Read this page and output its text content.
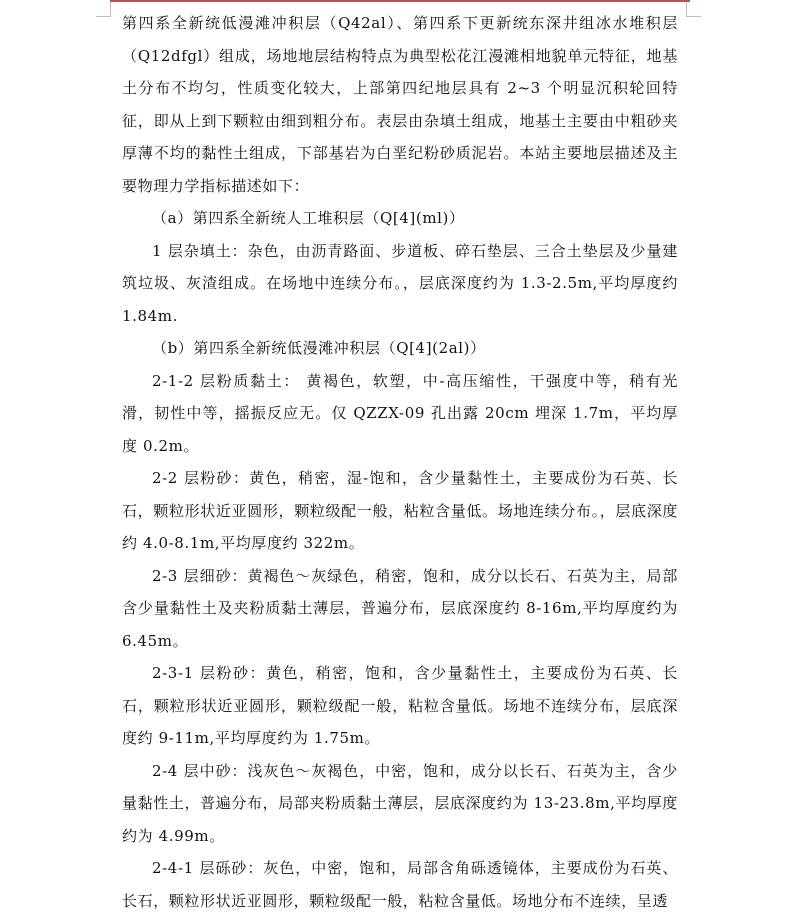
第四系全新统低漫滩冲积层（Q42al）、第四系下更新统东深井组冰水堆积层（Q12dfgl）组成，场地地层结构特点为典型松花江漫滩相地貌单元特征，地基土分布不均匀，性质变化较大，上部第四纪地层具有 2~3 个明显沉积轮回特征，即从上到下颗粒由细到粗分布。表层由杂填土组成，地基土主要由中粗砂夹厚薄不均的黏性土组成，下部基岩为白垩纪粉砂质泥岩。本站主要地层描述及主要物理力学指标描述如下：

（a）第四系全新统人工堆积层（Q[4](ml)）

1 层杂填土：杂色，由沥青路面、步道板、碎石垫层、三合土垫层及少量建筑垃圾、灰渣组成。在场地中连续分布。，层底深度约为 1.3-2.5m,平均厚度约 1.84m.

（b）第四系全新统低漫滩冲积层（Q[4](2al)）

2-1-2 层粉质黏土： 黄褐色，软塑，中-高压缩性，干强度中等，稍有光滑，韧性中等，摇振反应无。仅 QZZX-09 孔出露 20cm 埋深 1.7m，平均厚度 0.2m。

2-2 层粉砂：黄色，稍密，湿-饱和，含少量黏性土，主要成份为石英、长石，颗粒形状近亚圆形，颗粒级配一般，粘粒含量低。场地连续分布。，层底深度约 4.0-8.1m,平均厚度约 322m。

2-3 层细砂：黄褐色～灰绿色，稍密，饱和，成分以长石、石英为主，局部含少量黏性土及夹粉质黏土薄层，普遍分布，层底深度约 8-16m,平均厚度约为 6.45m。

2-3-1 层粉砂：黄色，稍密，饱和，含少量黏性土，主要成份为石英、长石，颗粒形状近亚圆形，颗粒级配一般，粘粒含量低。场地不连续分布，层底深度约 9-11m,平均厚度约为 1.75m。

2-4 层中砂：浅灰色～灰褐色，中密，饱和，成分以长石、石英为主，含少量黏性土，普遍分布，局部夹粉质黏土薄层，层底深度约为 13-23.8m,平均厚度约为 4.99m。

2-4-1 层砾砂：灰色，中密，饱和，局部含角砾透镜体，主要成份为石英、长石，颗粒形状近亚圆形，颗粒级配一般，粘粒含量低。场地分布不连续，呈透
